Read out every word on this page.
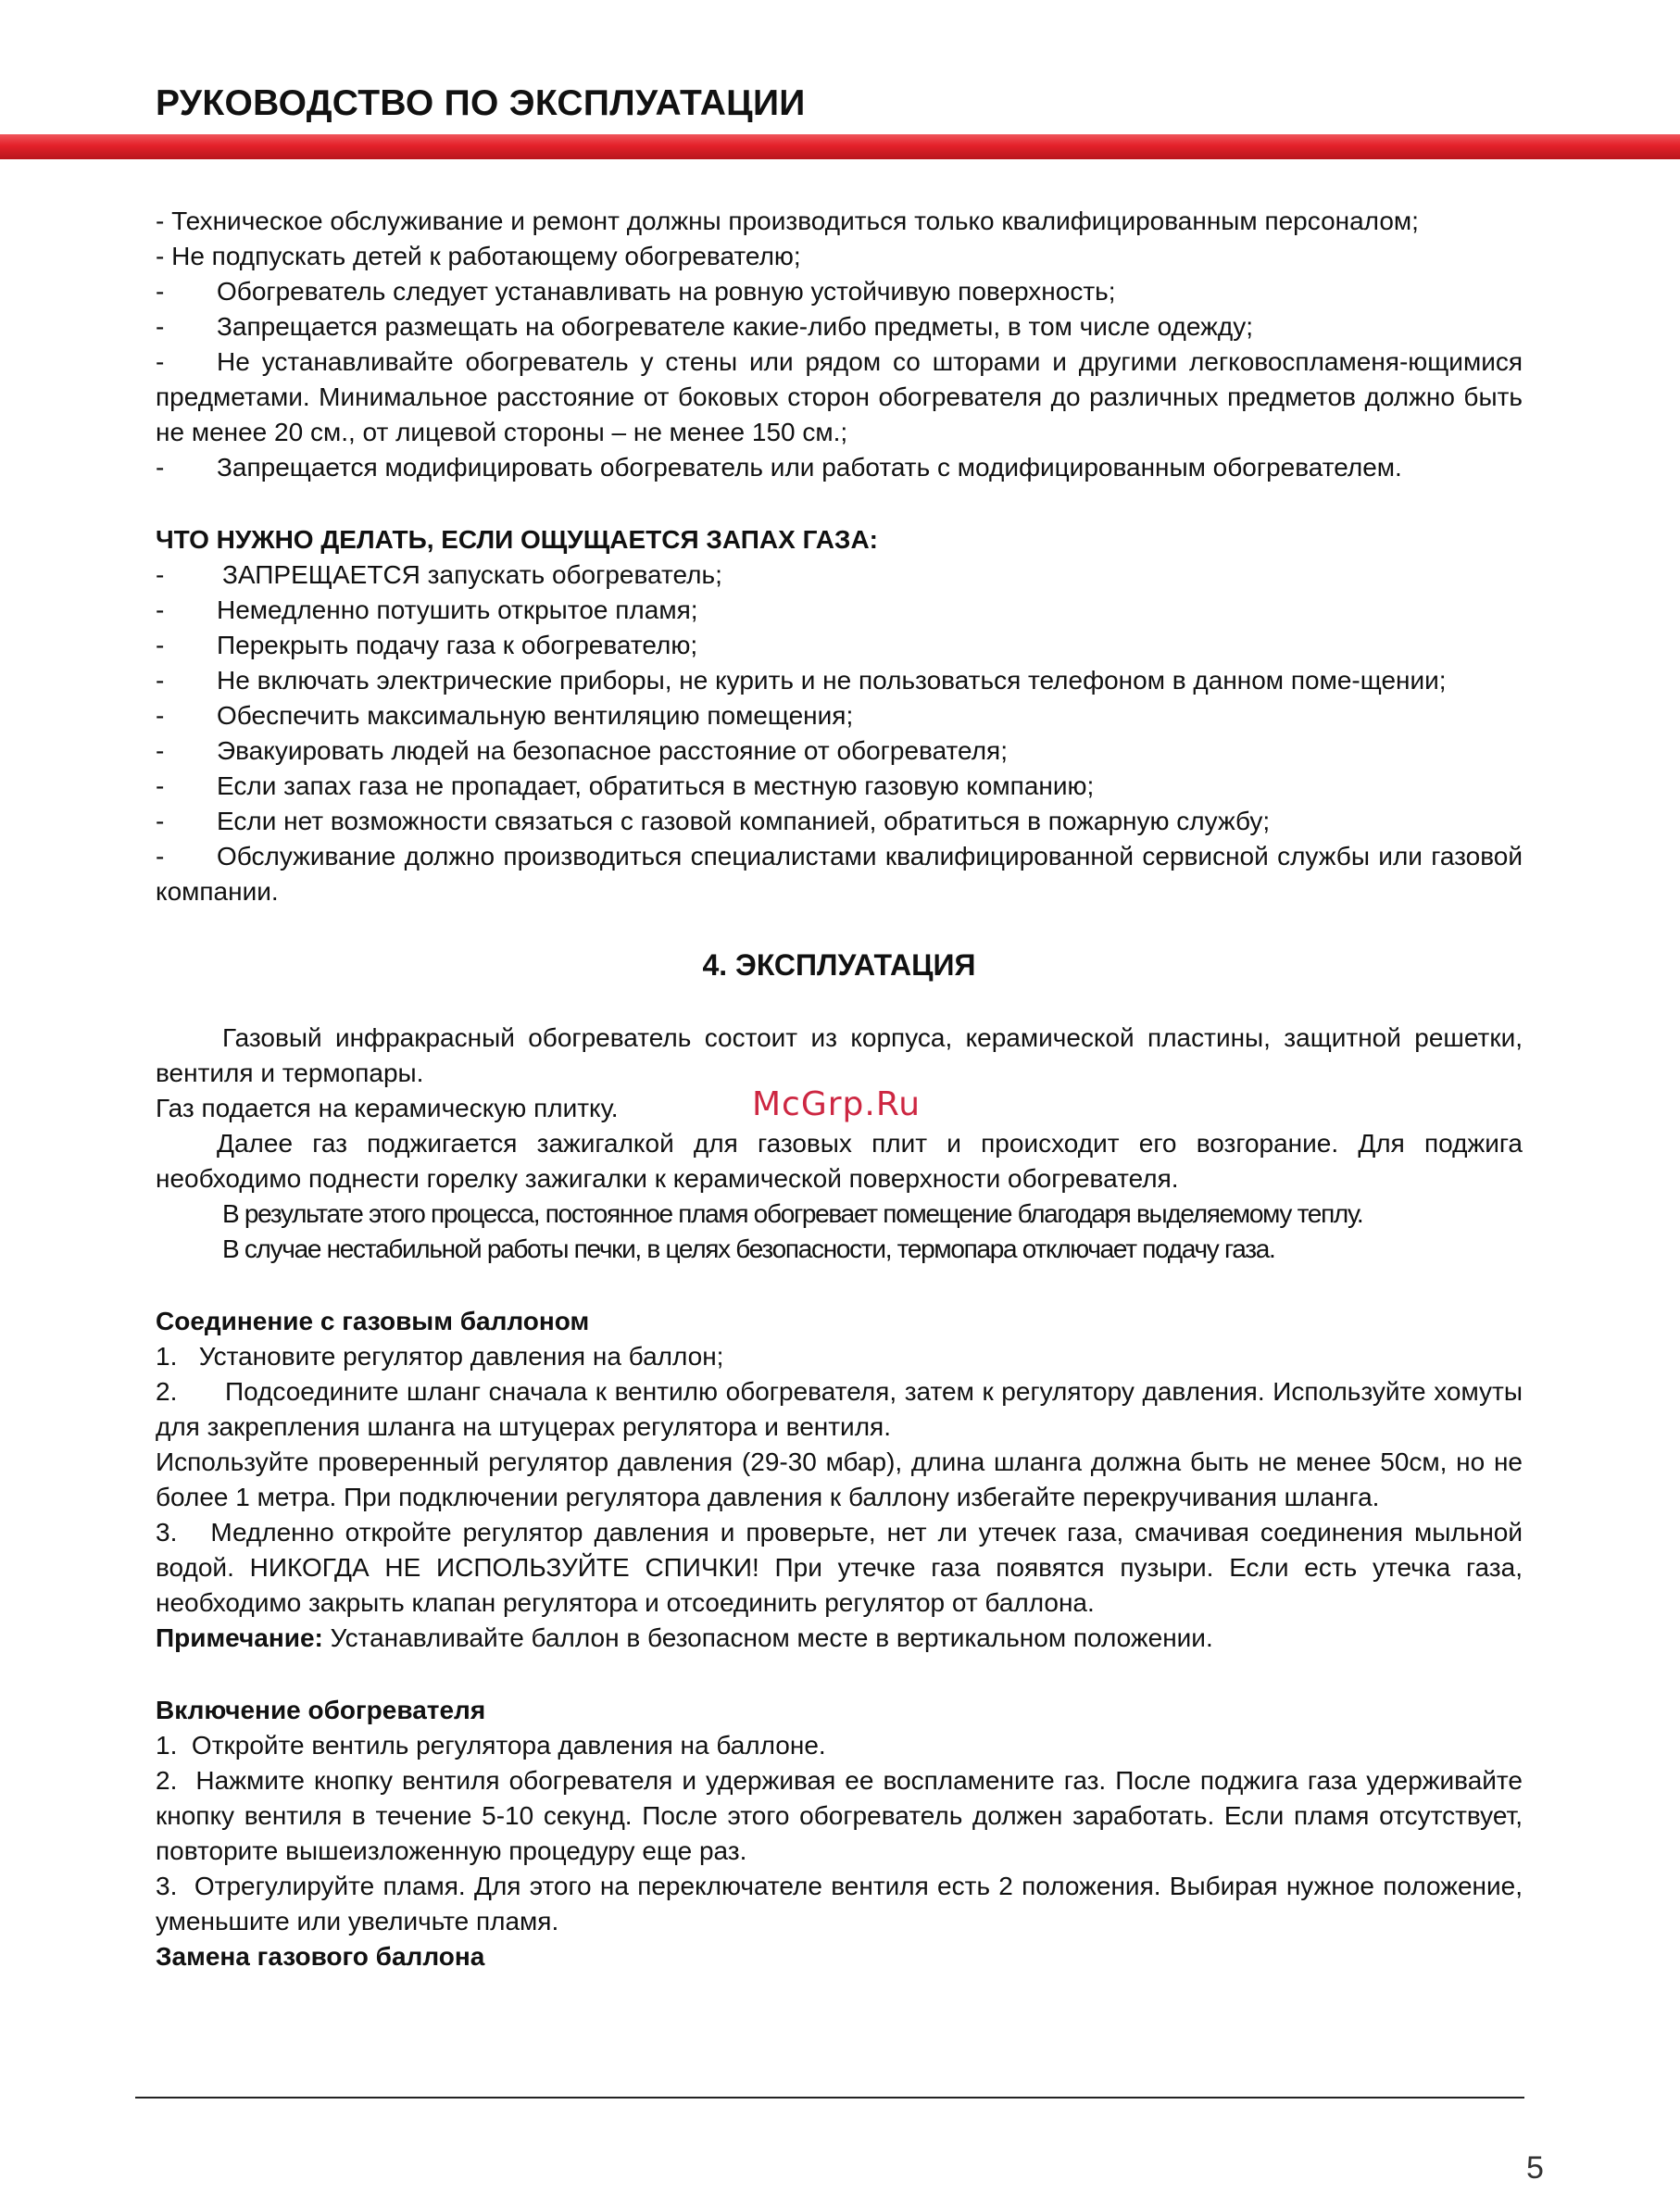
РУКОВОДСТВО ПО ЭКСПЛУАТАЦИИ

- Техническое обслуживание и ремонт должны производиться только квалифицированным персоналом;

- Не подпускать детей к работающему обогревателю;

-	Обогреватель следует устанавливать на ровную устойчивую поверхность;
-	Запрещается размещать на обогревателе какие-либо предметы, в том числе одежду;
- Не устанавливайте обогреватель у стены или рядом со шторами и другими легковоспламеня-ющимися предметами. Минимальное расстояние от боковых сторон обогревателя до различных предметов должно быть не менее 20 см., от лицевой стороны – не менее 150 см.;
-	Запрещается модифицировать обогреватель или работать с модифицированным обогревателем.

ЧТО НУЖНО ДЕЛАТЬ, ЕСЛИ ОЩУЩАЕТСЯ ЗАПАХ ГАЗА:

-	ЗАПРЕЩАЕТСЯ запускать обогреватель;
-	Немедленно потушить открытое пламя;
-	Перекрыть подачу газа к обогревателю;
- Не включать электрические приборы, не курить и не пользоваться телефоном в данном поме-щении;
-	Обеспечить максимальную вентиляцию помещения;
-	Эвакуировать людей на безопасное расстояние от обогревателя;
-	Если запах газа не пропадает, обратиться в местную газовую компанию;
-	Если нет возможности связаться с газовой компанией, обратиться в пожарную службу;
- Обслуживание должно производиться специалистами квалифицированной сервисной службы или газовой компании.

4. ЭКСПЛУАТАЦИЯ

Газовый инфракрасный обогреватель состоит из корпуса, керамической пластины, защитной решетки, вентиля и термопары.

Газ подается на керамическую плитку.

Далее газ поджигается зажигалкой для газовых плит и происходит его возгорание. Для поджига необходимо поднести горелку зажигалки к керамической поверхности обогревателя.

В результате этого процесса, постоянное пламя обогревает помещение благодаря выделяемому теплу.

В случае нестабильной работы печки, в целях безопасности, термопара отключает подачу газа.

Соединение с газовым баллоном

1.   Установите регулятор давления на баллон;

2.      Подсоедините шланг сначала к вентилю обогревателя, затем к регулятору давления. Используйте хомуты для закрепления шланга на штуцерах регулятора и вентиля.

Используйте проверенный регулятор давления (29-30 мбар), длина шланга должна быть не менее 50см, но не более 1 метра. При подключении регулятора давления к баллону избегайте перекручивания шланга.

3.   Медленно откройте регулятор давления и проверьте, нет ли утечек газа, смачивая соединения мыльной водой. НИКОГДА НЕ ИСПОЛЬЗУЙТЕ СПИЧКИ! При утечке газа появятся пузыри. Если есть утечка газа, необходимо закрыть клапан регулятора и отсоединить регулятор от баллона.

Примечание: Устанавливайте баллон в безопасном месте в вертикальном положении.

Включение обогревателя

1.  Откройте вентиль регулятора давления на баллоне.

2.  Нажмите кнопку вентиля обогревателя и удерживая ее воспламените газ. После поджига газа удерживайте кнопку вентиля в течение 5-10 секунд. После этого обогреватель должен заработать. Если пламя отсутствует, повторите вышеизложенную процедуру еще раз.

3.  Отрегулируйте пламя. Для этого на переключателе вентиля есть 2 положения. Выбирая нужное положение, уменьшите или увеличьте пламя.

Замена газового баллона

McGrp.Ru
5
